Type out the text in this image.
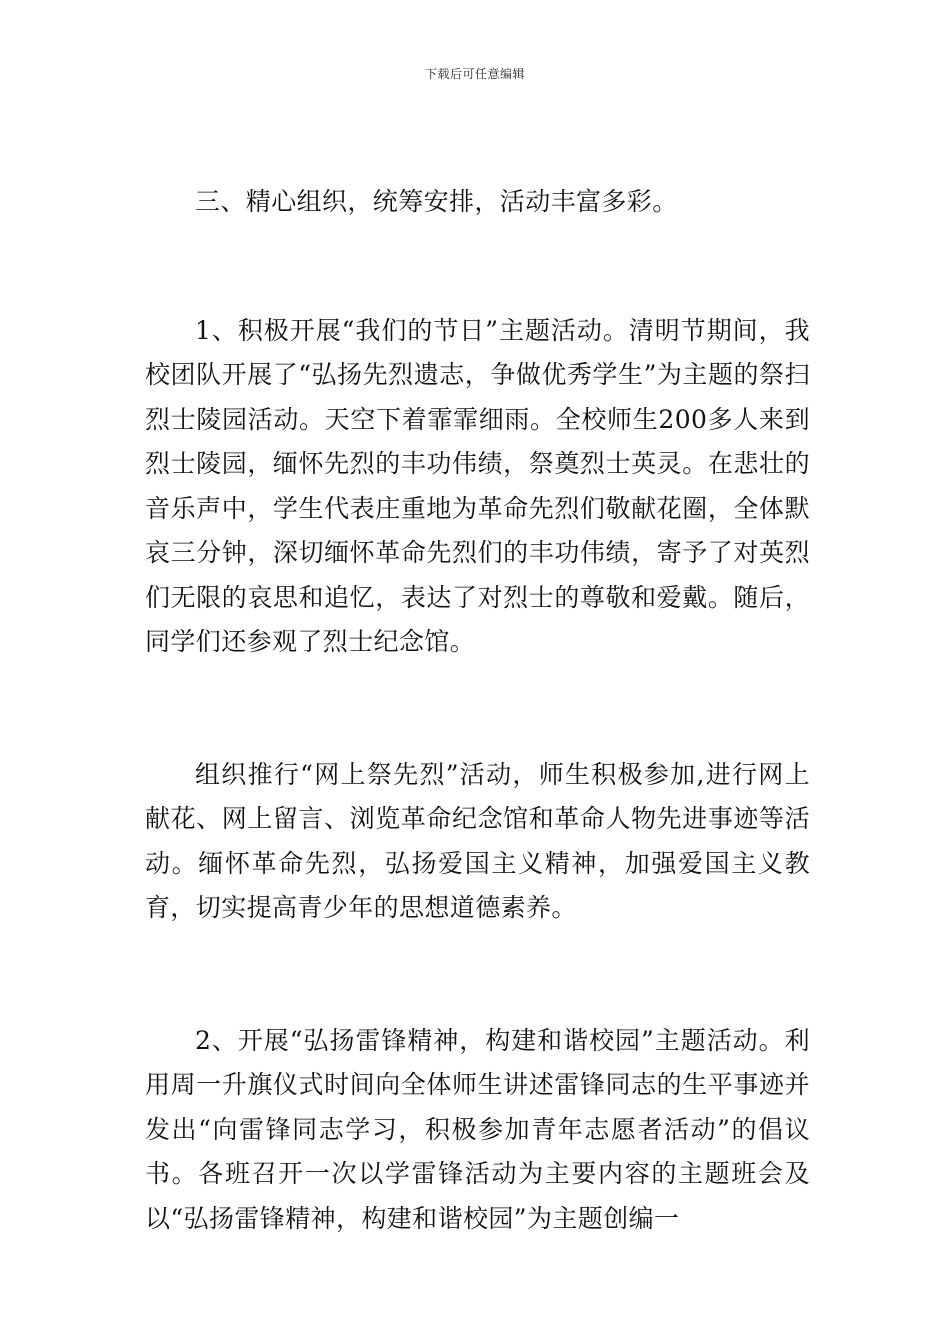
下载后可任意编辑

三、精心组织，统筹安排，活动丰富多彩。

1、积极开展“我们的节日”主题活动。清明节期间，我校团队开展了“弘扬先烈遗志，争做优秀学生”为主题的祭扫烈士陵园活动。天空下着霏霏细雨。全校师生200多人来到烈士陵园，缅怀先烈的丰功伟绩，祭奠烈士英灵。在悲壮的音乐声中，学生代表庄重地为革命先烈们敬献花圈，全体默哀三分钟，深切缅怀革命先烈们的丰功伟绩，寄予了对英烈们无限的哀思和追忆，表达了对烈士的尊敬和爱戴。随后，同学们还参观了烈士纪念馆。

组织推行“网上祭先烈”活动，师生积极参加,进行网上献花、网上留言、浏览革命纪念馆和革命人物先进事迹等活动。缅怀革命先烈，弘扬爱国主义精神，加强爱国主义教育，切实提高青少年的思想道德素养。

2、开展“弘扬雷锋精神，构建和谐校园”主题活动。利用周一升旗仪式时间向全体师生讲述雷锋同志的生平事迹并发出“向雷锋同志学习，积极参加青年志愿者活动”的倡议书。各班召开一次以学雷锋活动为主要内容的主题班会及以“弘扬雷锋精神，构建和谐校园”为主题创编一
